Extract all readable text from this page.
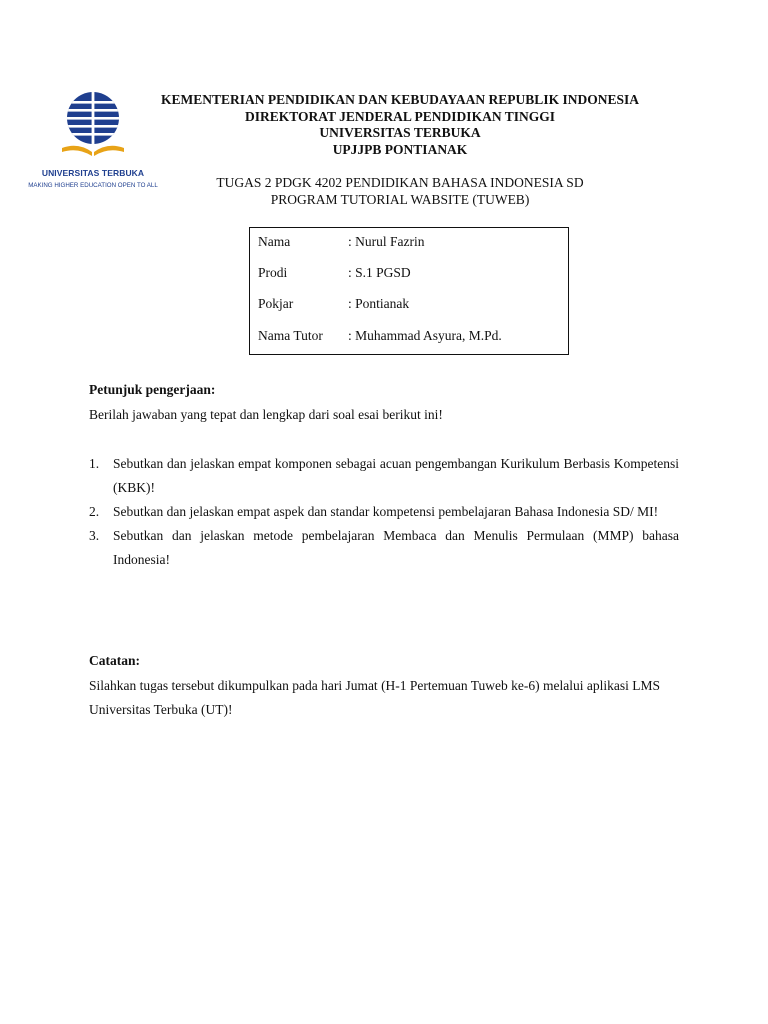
UNIVERSITAS TERBUKA
MAKING HIGHER EDUCATION OPEN TO ALL
KEMENTERIAN PENDIDIKAN DAN KEBUDAYAAN REPUBLIK INDONESIA
DIREKTORAT JENDERAL PENDIDIKAN TINGGI
UNIVERSITAS TERBUKA
UPJJPB PONTIANAK
TUGAS 2 PDGK 4202 PENDIDIKAN BAHASA INDONESIA SD
PROGRAM TUTORIAL WABSITE (TUWEB)
Nama	: Nurul Fazrin
Prodi	: S.1 PGSD
Pokjar	: Pontianak
Nama Tutor : Muhammad Asyura, M.Pd.
Petunjuk pengerjaan:
Berilah jawaban yang tepat dan lengkap dari soal esai berikut ini!
1. Sebutkan dan jelaskan empat komponen sebagai acuan pengembangan Kurikulum Berbasis Kompetensi (KBK)!
2. Sebutkan dan jelaskan empat aspek dan standar kompetensi pembelajaran Bahasa Indonesia SD/ MI!
3. Sebutkan dan jelaskan metode pembelajaran Membaca dan Menulis Permulaan (MMP) bahasa Indonesia!
Catatan:
Silahkan tugas tersebut dikumpulkan pada hari Jumat (H-1 Pertemuan Tuweb ke-6) melalui aplikasi LMS Universitas Terbuka (UT)!
